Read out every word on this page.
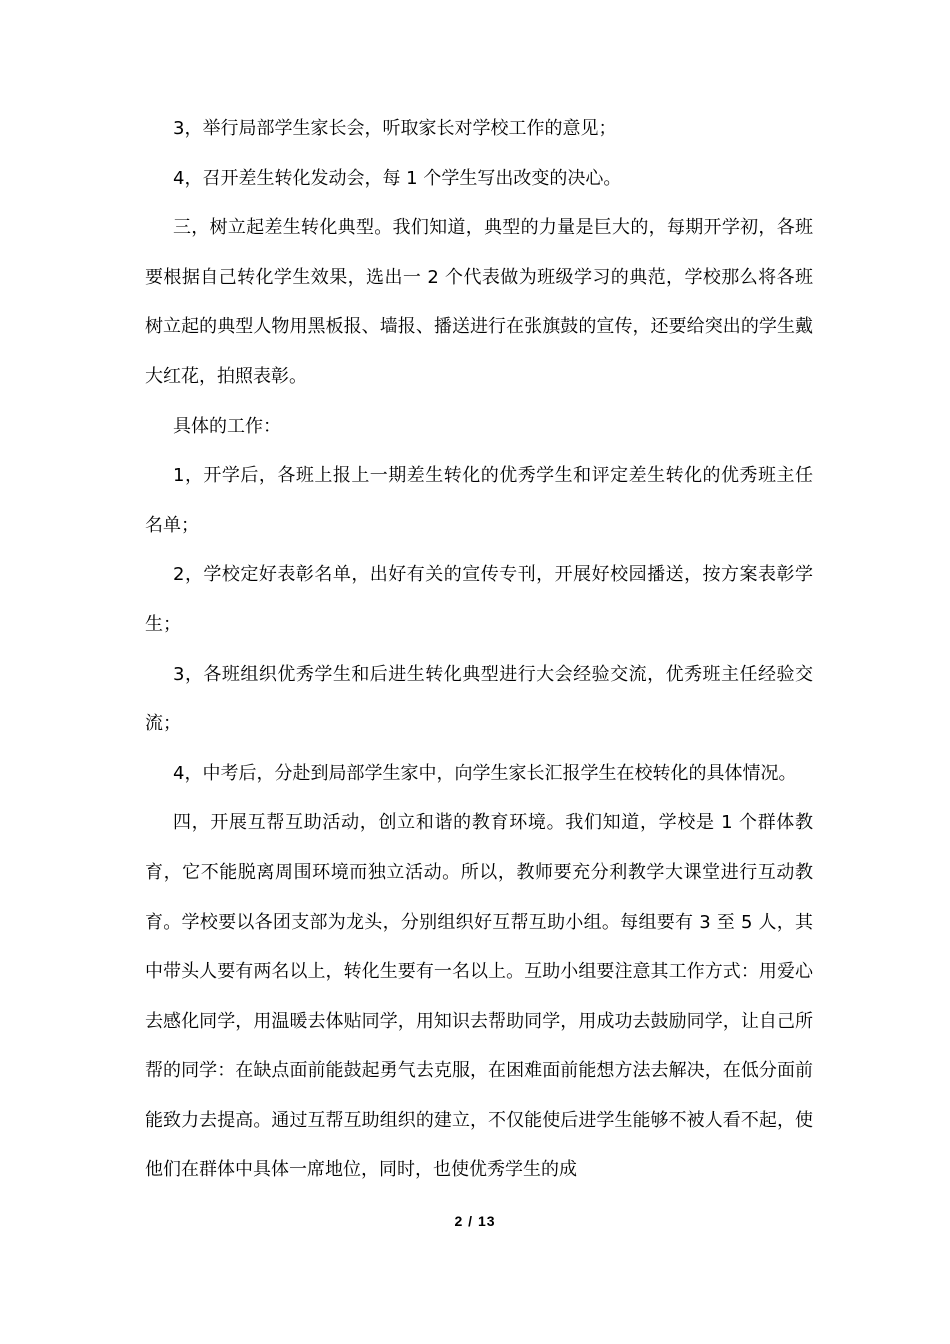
3，举行局部学生家长会，听取家长对学校工作的意见；

4，召开差生转化发动会，每 1 个学生写出改变的决心。

三，树立起差生转化典型。我们知道，典型的力量是巨大的，每期开学初，各班要根据自己转化学生效果，选出一 2 个代表做为班级学习的典范，学校那么将各班树立起的典型人物用黑板报、墙报、播送进行在张旗鼓的宣传，还要给突出的学生戴大红花，拍照表彰。

具体的工作：

1，开学后，各班上报上一期差生转化的优秀学生和评定差生转化的优秀班主任名单；

2，学校定好表彰名单，出好有关的宣传专刊，开展好校园播送，按方案表彰学生；

3，各班组织优秀学生和后进生转化典型进行大会经验交流，优秀班主任经验交流；

4，中考后，分赴到局部学生家中，向学生家长汇报学生在校转化的具体情况。

四，开展互帮互助活动，创立和谐的教育环境。我们知道，学校是 1 个群体教育，它不能脱离周围环境而独立活动。所以，教师要充分利教学大课堂进行互动教育。学校要以各团支部为龙头，分别组织好互帮互助小组。每组要有 3 至 5 人，其中带头人要有两名以上，转化生要有一名以上。互助小组要注意其工作方式：用爱心去感化同学，用温暖去体贴同学，用知识去帮助同学，用成功去鼓励同学，让自己所帮的同学：在缺点面前能鼓起勇气去克服，在困难面前能想方法去解决，在低分面前能致力去提高。通过互帮互助组织的建立，不仅能使后进学生能够不被人看不起，使他们在群体中具体一席地位，同时，也使优秀学生的成

2 / 13
